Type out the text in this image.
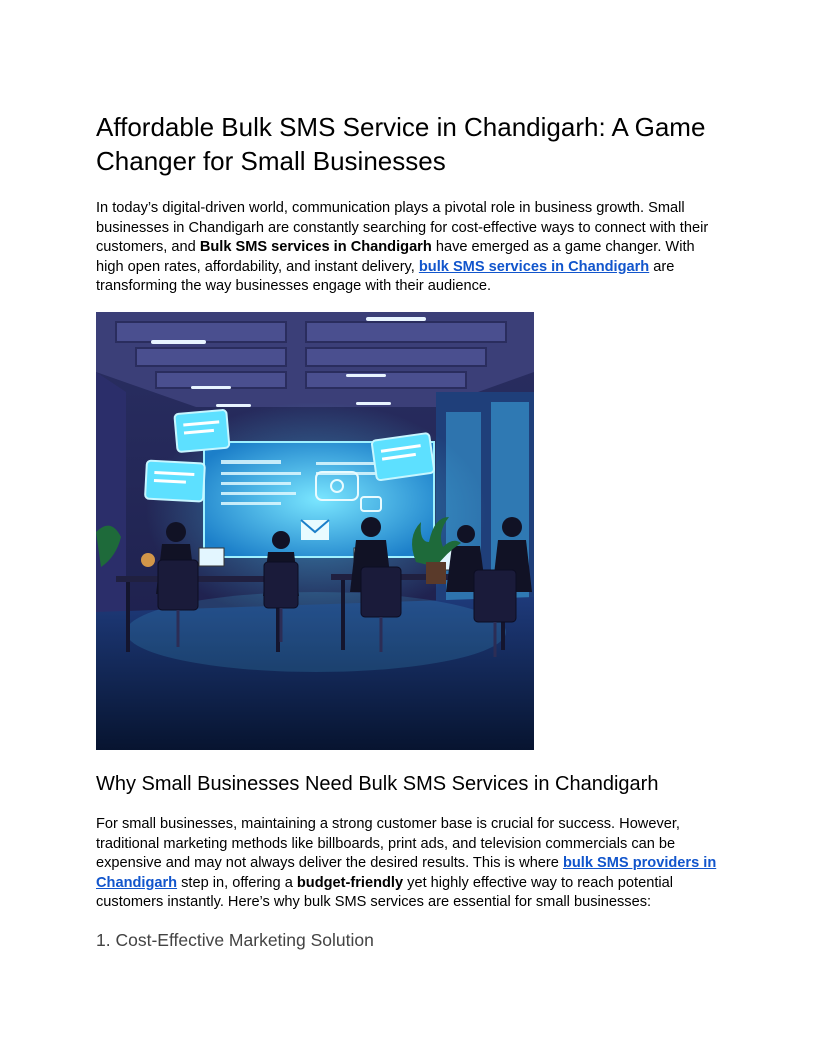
Affordable Bulk SMS Service in Chandigarh: A Game Changer for Small Businesses

In today’s digital-driven world, communication plays a pivotal role in business growth. Small businesses in Chandigarh are constantly searching for cost-effective ways to connect with their customers, and Bulk SMS services in Chandigarh have emerged as a game changer. With high open rates, affordability, and instant delivery, bulk SMS services in Chandigarh are transforming the way businesses engage with their audience.

Why Small Businesses Need Bulk SMS Services in Chandigarh

For small businesses, maintaining a strong customer base is crucial for success. However, traditional marketing methods like billboards, print ads, and television commercials can be expensive and may not always deliver the desired results. This is where bulk SMS providers in Chandigarh step in, offering a budget-friendly yet highly effective way to reach potential customers instantly. Here’s why bulk SMS services are essential for small businesses:

1. Cost-Effective Marketing Solution
